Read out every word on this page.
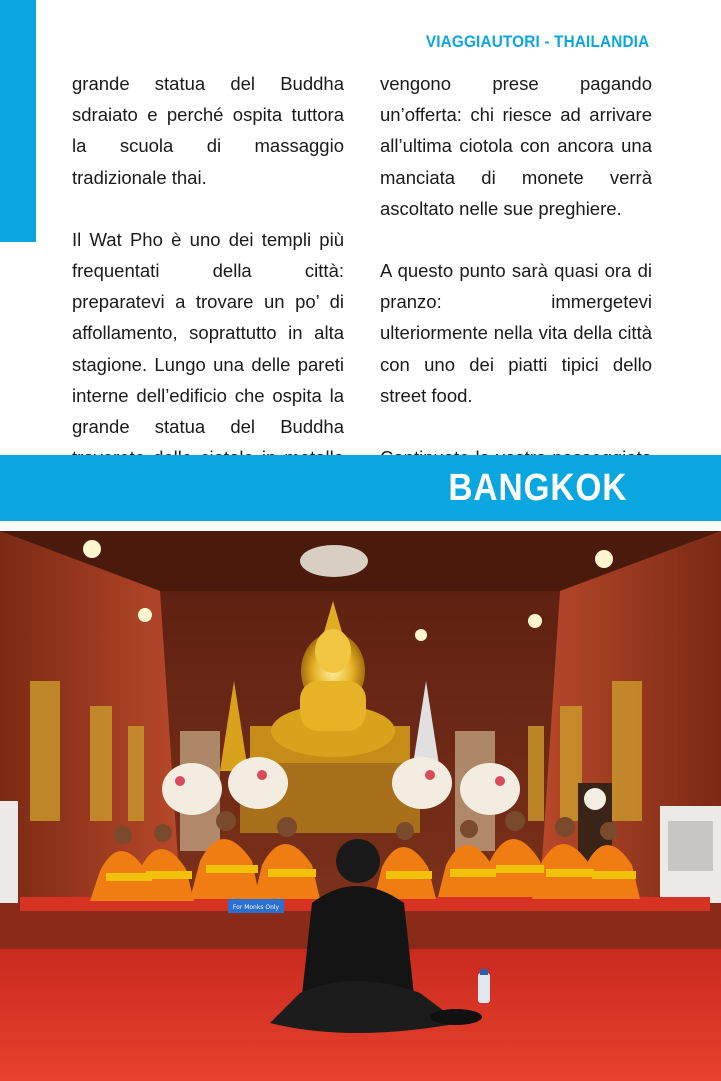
VIAGGIAUTORI - THAILANDIA

grande statua del Buddha sdraiato e perché ospita tuttora la scuola di massaggio tradizionale thai.

Il Wat Pho è uno dei templi più frequentati della città: preparatevi a trovare un po’ di affollamento, soprattutto in alta stagione. Lungo una delle pareti interne dell’edificio che ospita la grande statua del Buddha

vengono prese pagando un’offerta: chi riesce ad arrivare all’ultima ciotola con ancora una manciata di monete verrà ascoltato nelle sue preghiere.

A questo punto sarà quasi ora di pranzo: immergetevi ulteriormente nella vita della città con uno dei piatti tipici dello street food.

BANGKOK
For Monks Only
